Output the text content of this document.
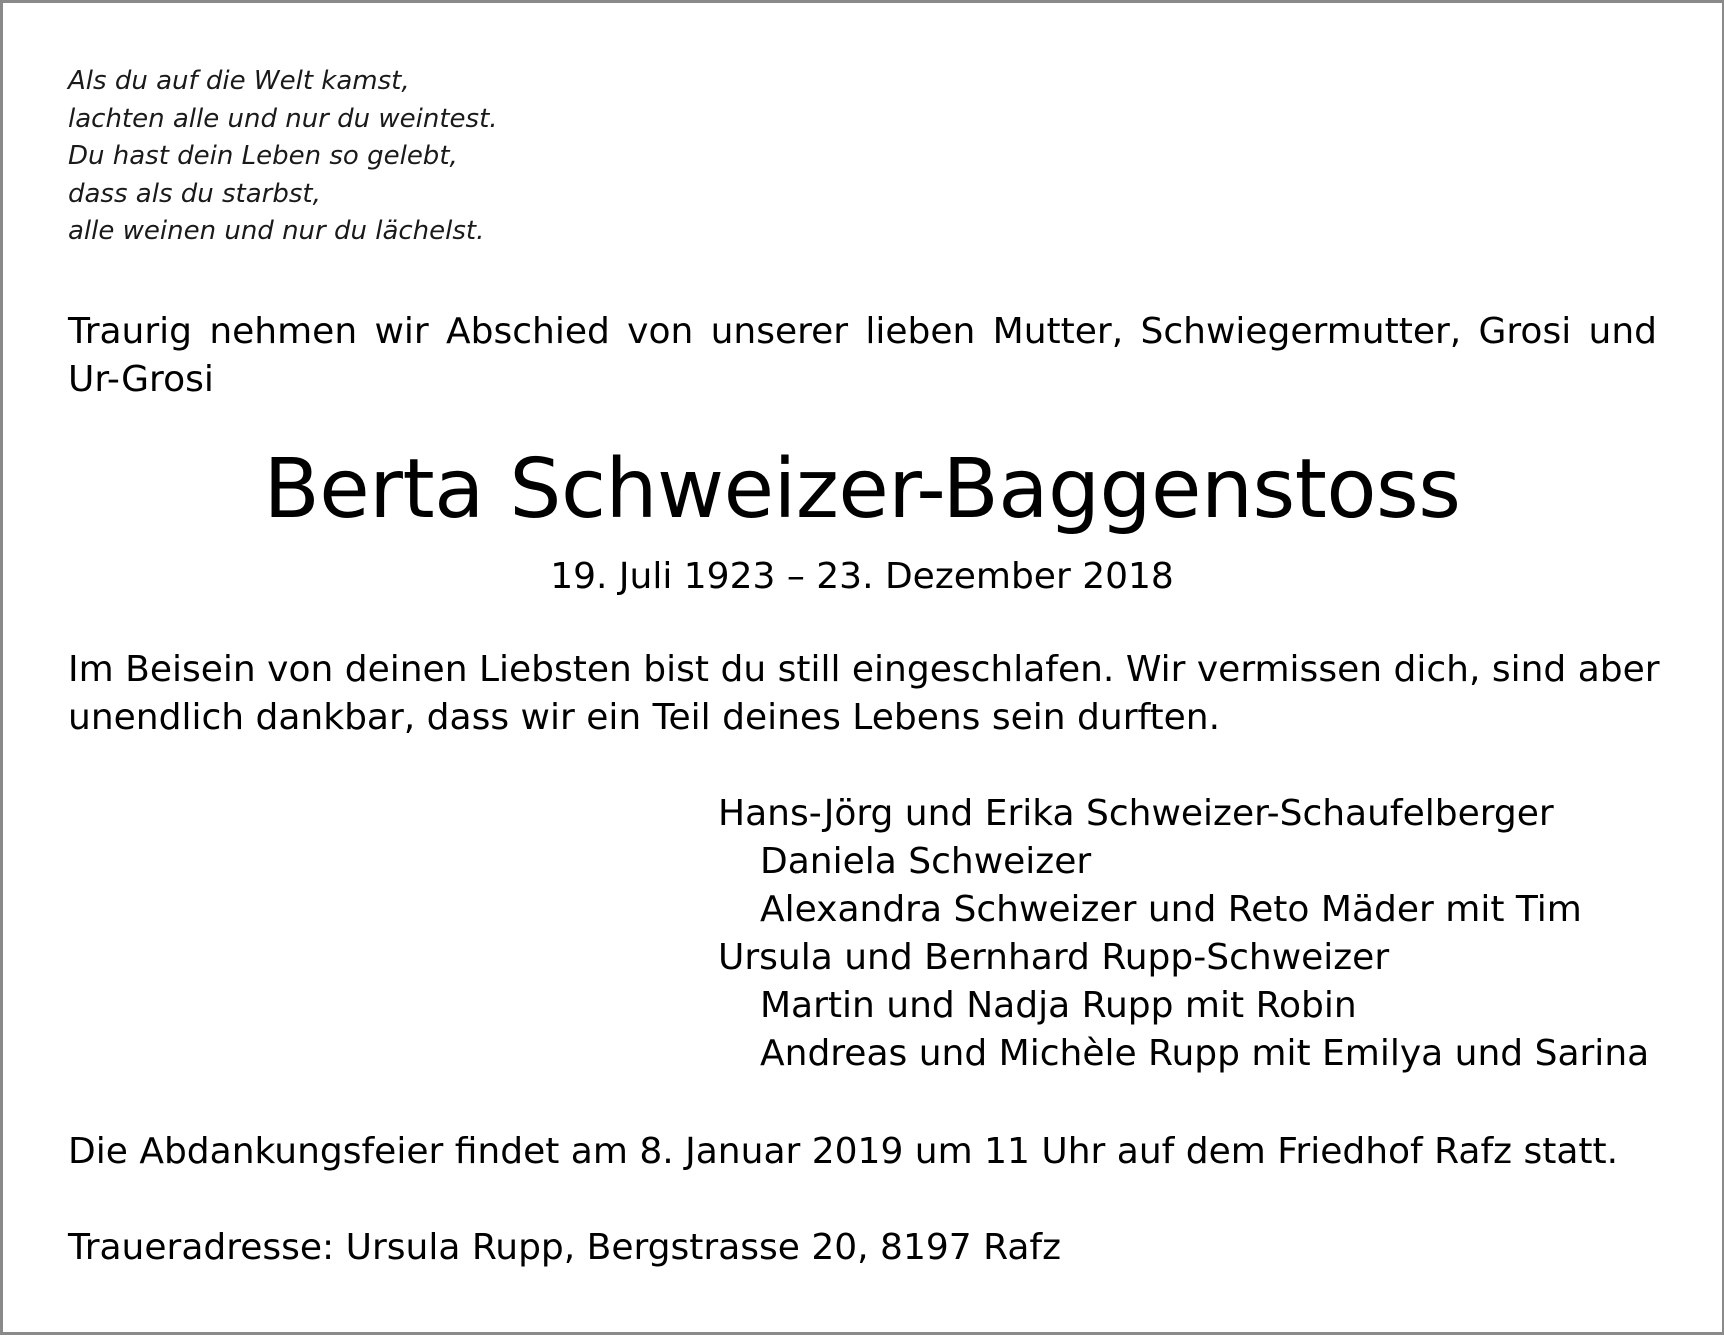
Als du auf die Welt kamst,
lachten alle und nur du weintest.
Du hast dein Leben so gelebt,
dass als du starbst,
alle weinen und nur du lächelst.
Traurig nehmen wir Abschied von unserer lieben Mutter, Schwiegermutter, Grosi und Ur-Grosi
Berta Schweizer-Baggenstoss
19. Juli 1923 – 23. Dezember 2018
Im Beisein von deinen Liebsten bist du still eingeschlafen. Wir vermissen dich, sind aber
unendlich dankbar, dass wir ein Teil deines Lebens sein durften.
Hans-Jörg und Erika Schweizer-Schaufelberger
Daniela Schweizer
Alexandra Schweizer und Reto Mäder mit Tim
Ursula und Bernhard Rupp-Schweizer
Martin und Nadja Rupp mit Robin
Andreas und Michèle Rupp mit Emilya und Sarina
Die Abdankungsfeier findet am 8. Januar 2019 um 11 Uhr auf dem Friedhof Rafz statt.
Traueradresse: Ursula Rupp, Bergstrasse 20, 8197 Rafz
